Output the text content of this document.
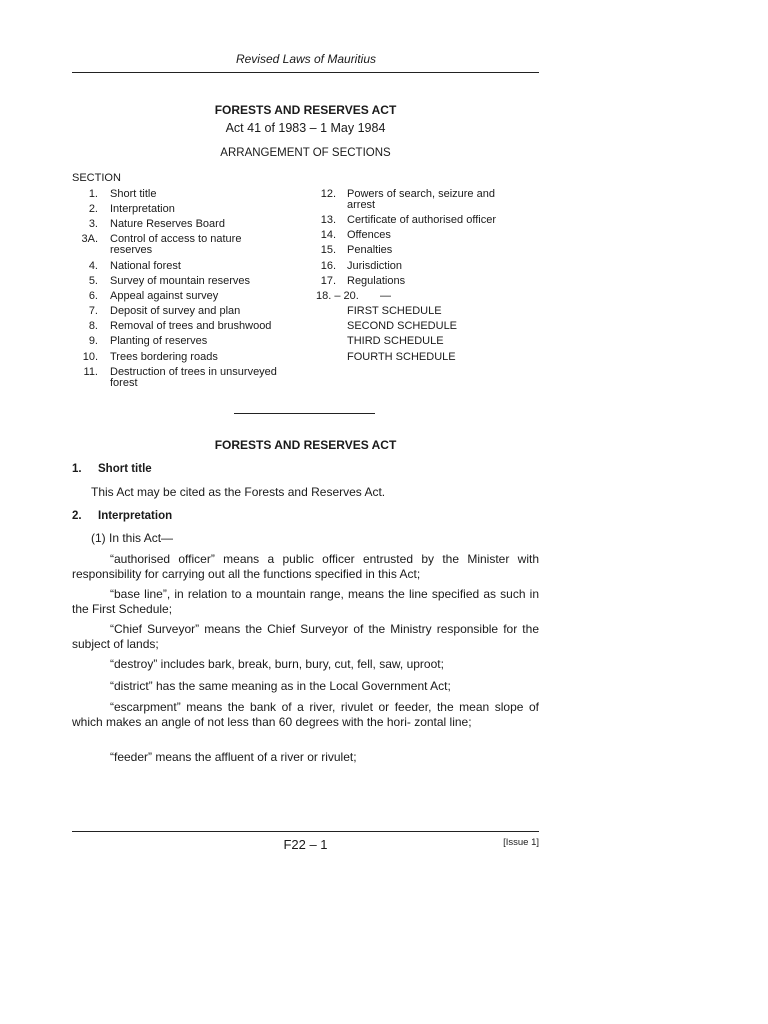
Revised Laws of Mauritius
FORESTS AND RESERVES ACT
Act 41 of 1983 – 1 May 1984
ARRANGEMENT OF SECTIONS
SECTION
1. Short title
2. Interpretation
3. Nature Reserves Board
3A. Control of access to nature
reserves
4. National forest
5. Survey of mountain reserves
6. Appeal against survey
7. Deposit of survey and plan
8. Removal of trees and brushwood
9. Planting of reserves
10. Trees bordering roads
11. Destruction of trees in unsurveyed
forest
12. Powers of search, seizure and
arrest
13. Certificate of authorised officer
14. Offences
15. Penalties
16. Jurisdiction
17. Regulations
18. – 20. —
FIRST SCHEDULE
SECOND SCHEDULE
THIRD SCHEDULE
FOURTH SCHEDULE
FORESTS AND RESERVES ACT
1. Short title
This Act may be cited as the Forests and Reserves Act.
2. Interpretation
(1) In this Act—
“authorised officer” means a public officer entrusted by the Minister with responsibility for carrying out all the functions specified in this Act;
“base line”, in relation to a mountain range, means the line specified as such in the First Schedule;
“Chief Surveyor” means the Chief Surveyor of the Ministry responsible for the subject of lands;
“destroy” includes bark, break, burn, bury, cut, fell, saw, uproot;
“district” has the same meaning as in the Local Government Act;
“escarpment” means the bank of a river, rivulet or feeder, the mean slope of which makes an angle of not less than 60 degrees with the hori- zontal line;
“feeder” means the affluent of a river or rivulet;
F22 – 1	[Issue 1]
